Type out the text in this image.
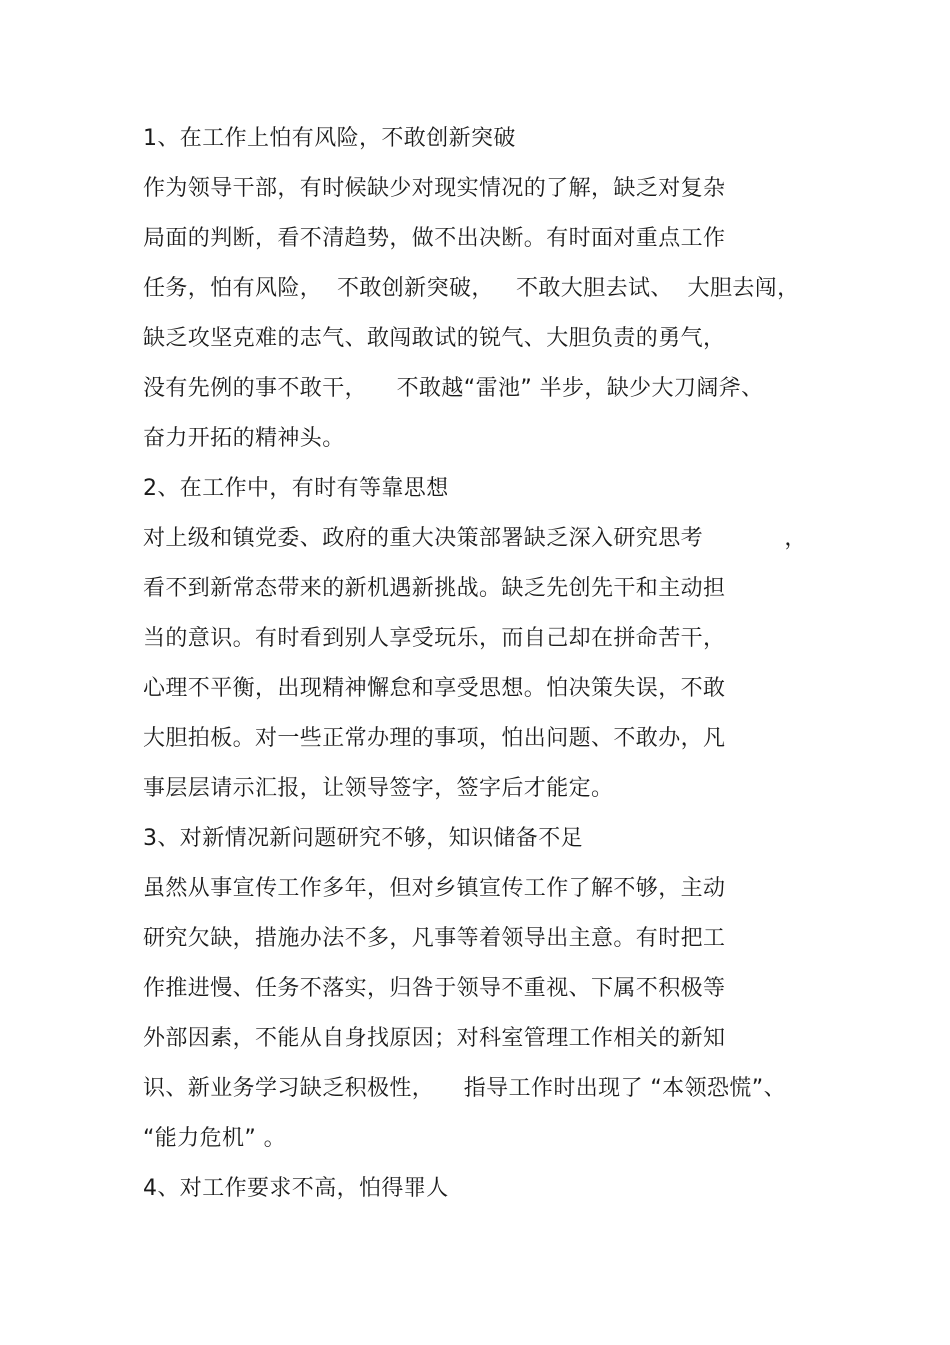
1、在工作上怕有风险，不敢创新突破
作为领导干部，有时候缺少对现实情况的了解，缺乏对复杂
局面的判断，看不清趋势，做不出决断。有时面对重点工作
任务，怕有风险，  不敢创新突破，   不敢大胆去试、  大胆去闯，
缺乏攻坚克难的志气、敢闯敢试的锐气、大胆负责的勇气，
没有先例的事不敢干，    不敢越“雷池” 半步，缺少大刀阔斧、
奋力开拓的精神头。
2、在工作中，有时有等靠思想
对上级和镇党委、政府的重大决策部署缺乏深入研究思考           ，
看不到新常态带来的新机遇新挑战。缺乏先创先干和主动担
当的意识。有时看到别人享受玩乐，而自己却在拼命苦干，
心理不平衡，出现精神懈怠和享受思想。怕决策失误，不敢
大胆拍板。对一些正常办理的事项，怕出问题、不敢办，凡
事层层请示汇报，让领导签字，签字后才能定。
3、对新情况新问题研究不够，知识储备不足
虽然从事宣传工作多年，但对乡镇宣传工作了解不够，主动
研究欠缺，措施办法不多，凡事等着领导出主意。有时把工
作推进慢、任务不落实，归咎于领导不重视、下属不积极等
外部因素，不能从自身找原因；对科室管理工作相关的新知
识、新业务学习缺乏积极性，    指导工作时出现了 “本领恐慌”、
“能力危机” 。
4、对工作要求不高，怕得罪人
